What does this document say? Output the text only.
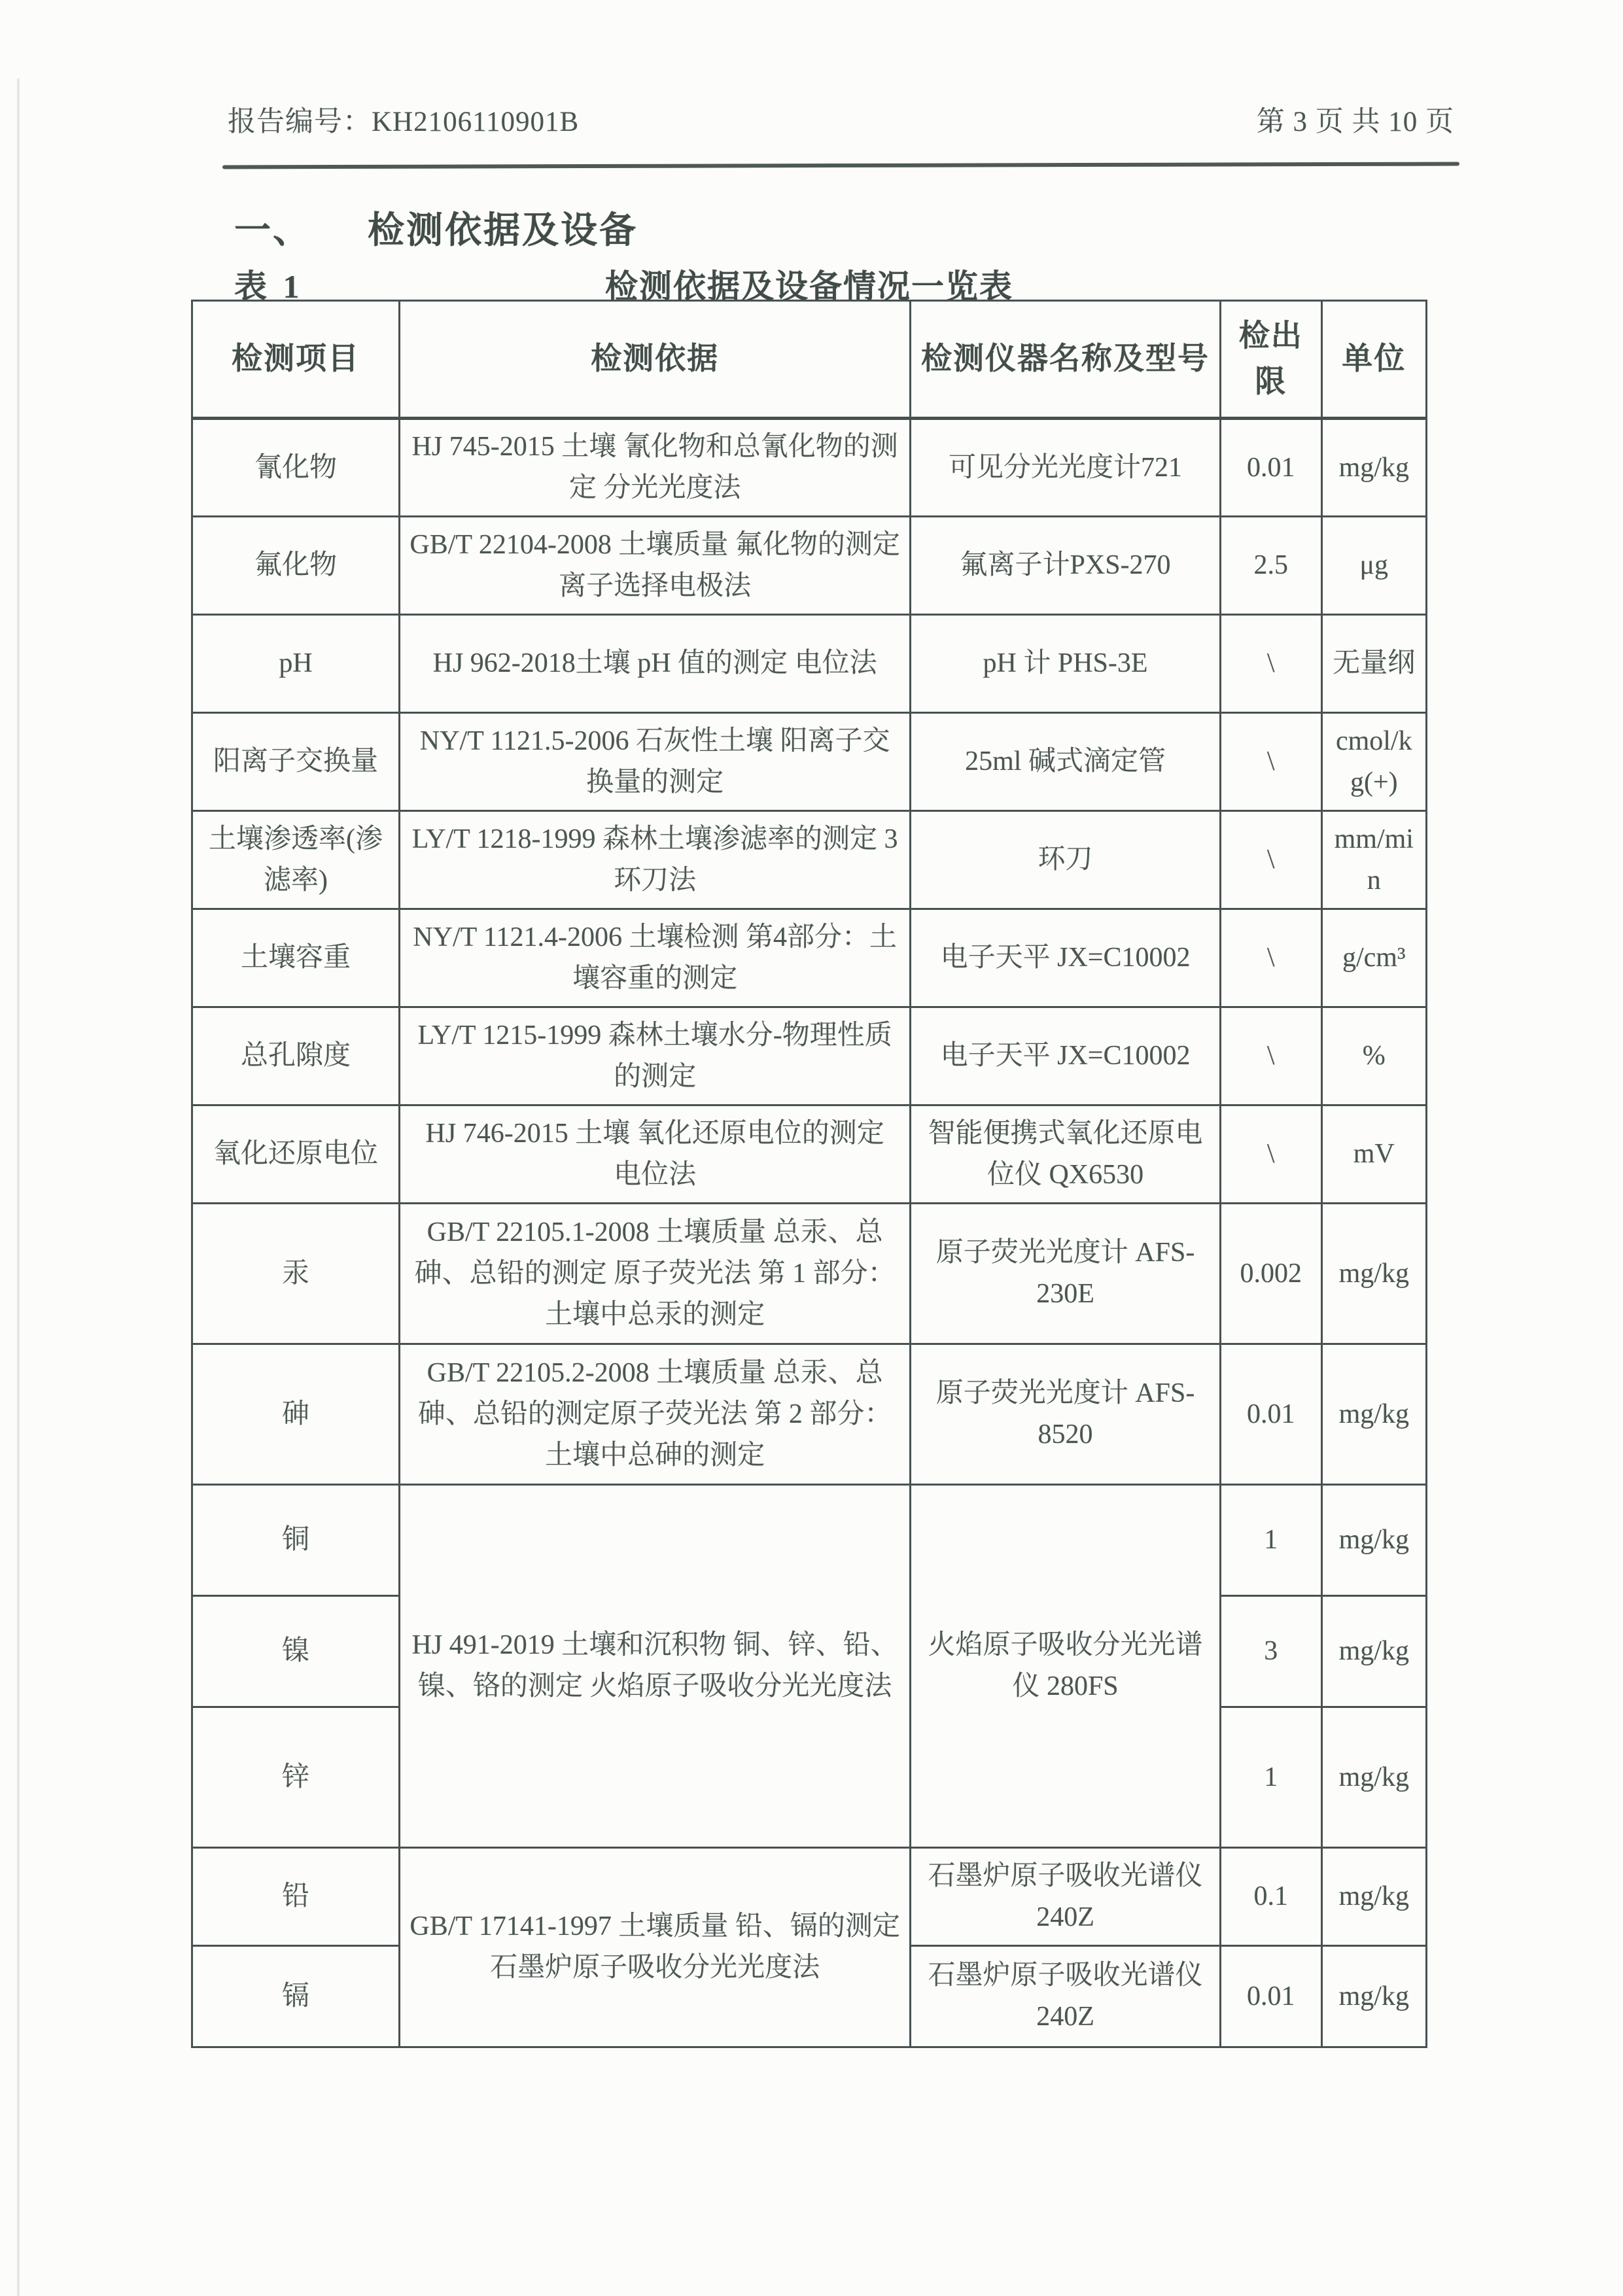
报告编号：KH2106110901B	第 3 页 共 10 页
一、 检测依据及设备
表 1	检测依据及设备情况一览表
检测项目	检测依据	检测仪器名称及型号	检出限	单位
氰化物	HJ 745-2015 土壤 氰化物和总氰化物的测定 分光光度法	可见分光光度计721	0.01	mg/kg
氟化物	GB/T 22104-2008 土壤质量 氟化物的测定 离子选择电极法	氟离子计PXS-270	2.5	μg
pH	HJ 962-2018土壤 pH 值的测定 电位法	pH 计 PHS-3E	\	无量纲
阳离子交换量	NY/T 1121.5-2006 石灰性土壤 阳离子交换量的测定	25ml 碱式滴定管	\	cmol/kg(+)
土壤渗透率(渗滤率)	LY/T 1218-1999 森林土壤渗滤率的测定 3 环刀法	环刀	\	mm/min
土壤容重	NY/T 1121.4-2006 土壤检测 第4部分：土壤容重的测定	电子天平 JX=C10002	\	g/cm³
总孔隙度	LY/T 1215-1999 森林土壤水分-物理性质的测定	电子天平 JX=C10002	\	%
氧化还原电位	HJ 746-2015 土壤 氧化还原电位的测定 电位法	智能便携式氧化还原电位仪 QX6530	\	mV
汞	GB/T 22105.1-2008 土壤质量 总汞、总砷、总铅的测定 原子荧光法 第 1 部分：土壤中总汞的测定	原子荧光光度计 AFS-230E	0.002	mg/kg
砷	GB/T 22105.2-2008 土壤质量 总汞、总砷、总铅的测定原子荧光法 第 2 部分：土壤中总砷的测定	原子荧光光度计 AFS-8520	0.01	mg/kg
铜	HJ 491-2019 土壤和沉积物 铜、锌、铅、镍、铬的测定 火焰原子吸收分光光度法	火焰原子吸收分光光谱仪 280FS	1	mg/kg
镍			3	mg/kg
锌			1	mg/kg
铅	GB/T 17141-1997 土壤质量 铅、镉的测定 石墨炉原子吸收分光光度法	石墨炉原子吸收光谱仪 240Z	0.1	mg/kg
镉		石墨炉原子吸收光谱仪 240Z	0.01	mg/kg
